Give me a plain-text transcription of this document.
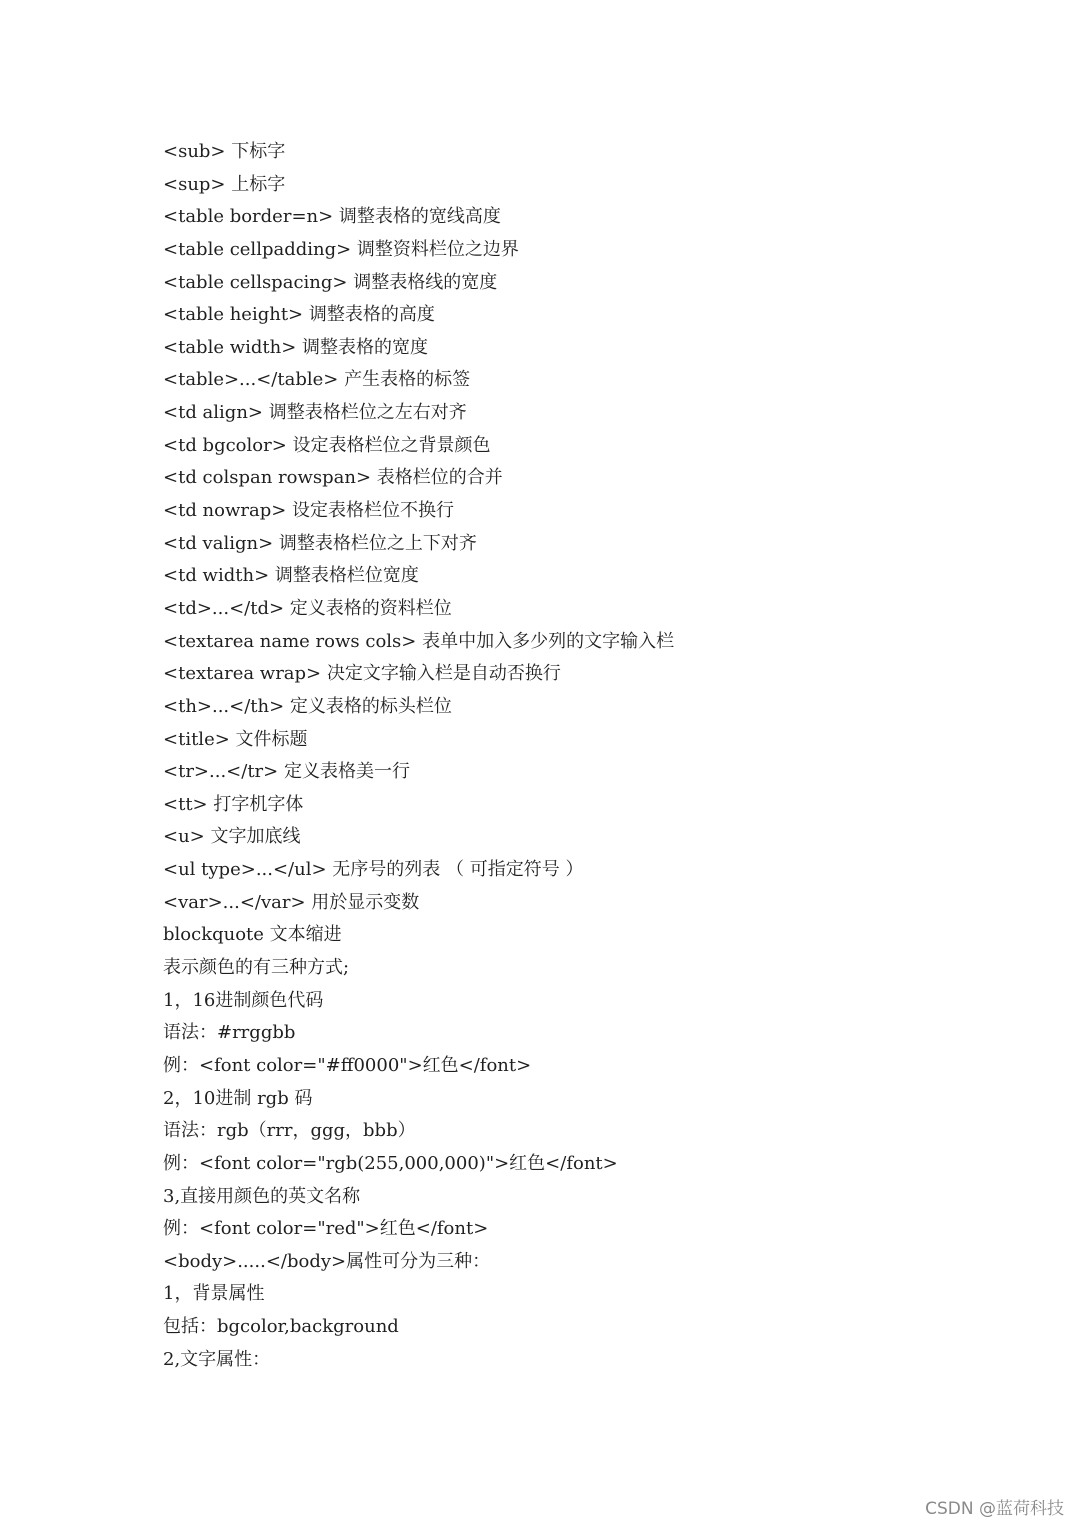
<sub> 下标字
<sup> 上标字
<table border=n> 调整表格的宽线高度
<table cellpadding> 调整资料栏位之边界
<table cellspacing> 调整表格线的宽度
<table height> 调整表格的高度
<table width> 调整表格的宽度
<table>...</table> 产生表格的标签
<td align> 调整表格栏位之左右对齐
<td bgcolor> 设定表格栏位之背景颜色
<td colspan rowspan> 表格栏位的合并
<td nowrap> 设定表格栏位不换行
<td valign> 调整表格栏位之上下对齐
<td width> 调整表格栏位宽度
<td>...</td> 定义表格的资料栏位
<textarea name rows cols> 表单中加入多少列的文字输入栏
<textarea wrap> 决定文字输入栏是自动否换行
<th>...</th> 定义表格的标头栏位
<title> 文件标题
<tr>...</tr> 定义表格美一行
<tt> 打字机字体
<u> 文字加底线
<ul type>...</ul> 无序号的列表 （ 可指定符号 ）
<var>...</var> 用於显示变数
blockquote 文本缩进
表示颜色的有三种方式;
1，16进制颜色代码
语法：#rrggbb
例：<font color="#ff0000">红色</font>
2，10进制 rgb 码
语法：rgb（rrr，ggg，bbb）
例：<font color="rgb(255,000,000)">红色</font>
3,直接用颜色的英文名称
例：<font color="red">红色</font>
<body>.....</body>属性可分为三种：
1，背景属性
包括：bgcolor,background
2,文字属性：
CSDN @蓝荷科技
